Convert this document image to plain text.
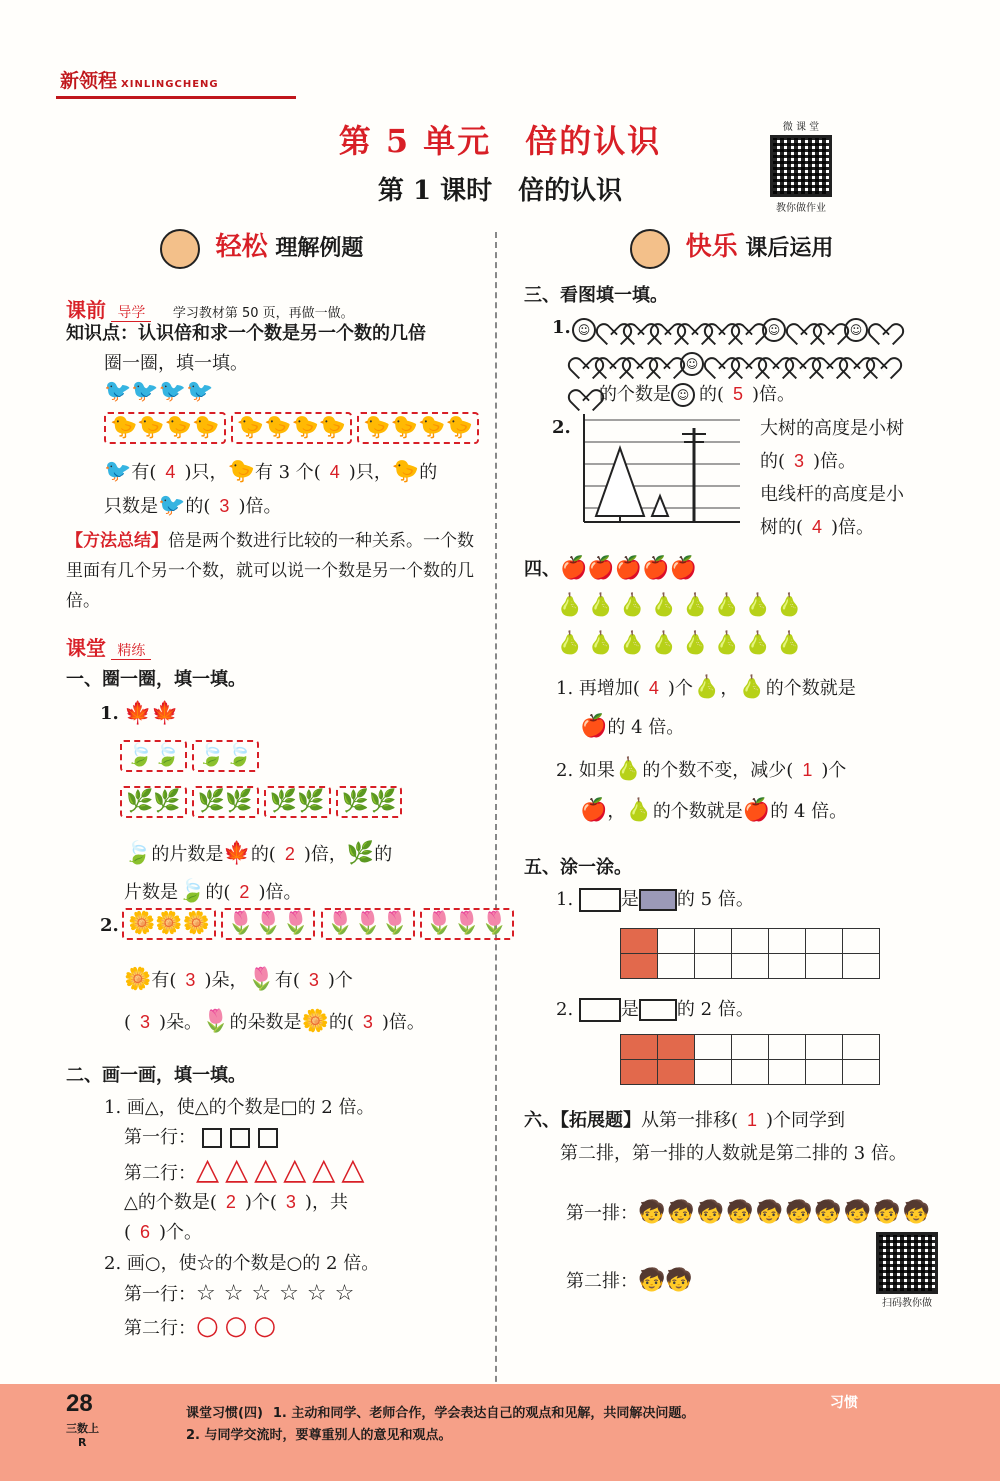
新领程 XINLINGCHENG
第 5 单元　倍的认识
第 1 课时　倍的认识
微 课 堂
教你做作业
轻松 理解例题
课前 导学 学习教材第 50 页，再做一做。
知识点：认识倍和求一个数是另一个数的几倍
圈一圈，填一填。
🐦🐦🐦🐦
🐤🐤🐤🐤 🐤🐤🐤🐤 🐤🐤🐤🐤
🐦有( 4 )只，🐤有 3 个( 4 )只，🐤的
只数是🐦的( 3 )倍。
【方法总结】倍是两个数进行比较的一种关系。一个数里面有几个另一个数，就可以说一个数是另一个数的几倍。
课堂 精练
一、圈一圈，填一填。
1. 🍁🍁
🍃🍃 🍃🍃
🌿🌿 🌿🌿 🌿🌿 🌿🌿
🍃的片数是🍁的( 2 )倍，🌿的
片数是🍃的( 2 )倍。
2. 🌼🌼🌼 🌷🌷🌷 🌷🌷🌷 🌷🌷🌷
🌼有( 3 )朵，🌷有( 3 )个
( 3 )朵。🌷的朵数是🌼的( 3 )倍。
二、画一画，填一填。
1. 画△，使△的个数是□的 2 倍。
第一行：
第二行：△△△△△△
△的个数是( 2 )个( 3 )，共
( 6 )个。
2. 画○，使☆的个数是○的 2 倍。
第一行：☆☆☆☆☆☆
第二行：○○○
快乐 课后运用
三、看图填一填。
1. ☺	☺	☺
☺
的个数是 ☺ 的( 5 )倍。
2.	大树的高度是小树
的( 3 )倍。
电线杆的高度是小
树的( 4 )倍。
四、🍎🍎🍎🍎🍎
🍐🍐🍐🍐🍐🍐🍐🍐
🍐🍐🍐🍐🍐🍐🍐🍐
1. 再增加( 4 )个🍐，🍐的个数就是
🍎的 4 倍。
2. 如果🍐的个数不变，减少( 1 )个
🍎，🍐的个数就是🍎的 4 倍。
五、涂一涂。
1.	是 的 5 倍。

2.	是 的 2 倍。

六、【拓展题】从第一排移( 1 )个同学到
第二排，第一排的人数就是第二排的 3 倍。
第一排：🧒🧒🧒🧒🧒🧒🧒🧒🧒🧒
第二排：🧒🧒
扫码教你做
28
三数上
R
课堂习惯(四) 1. 主动和同学、老师合作，学会表达自己的观点和见解，共同解决问题。
2. 与同学交流时，要尊重别人的意见和观点。
习惯
